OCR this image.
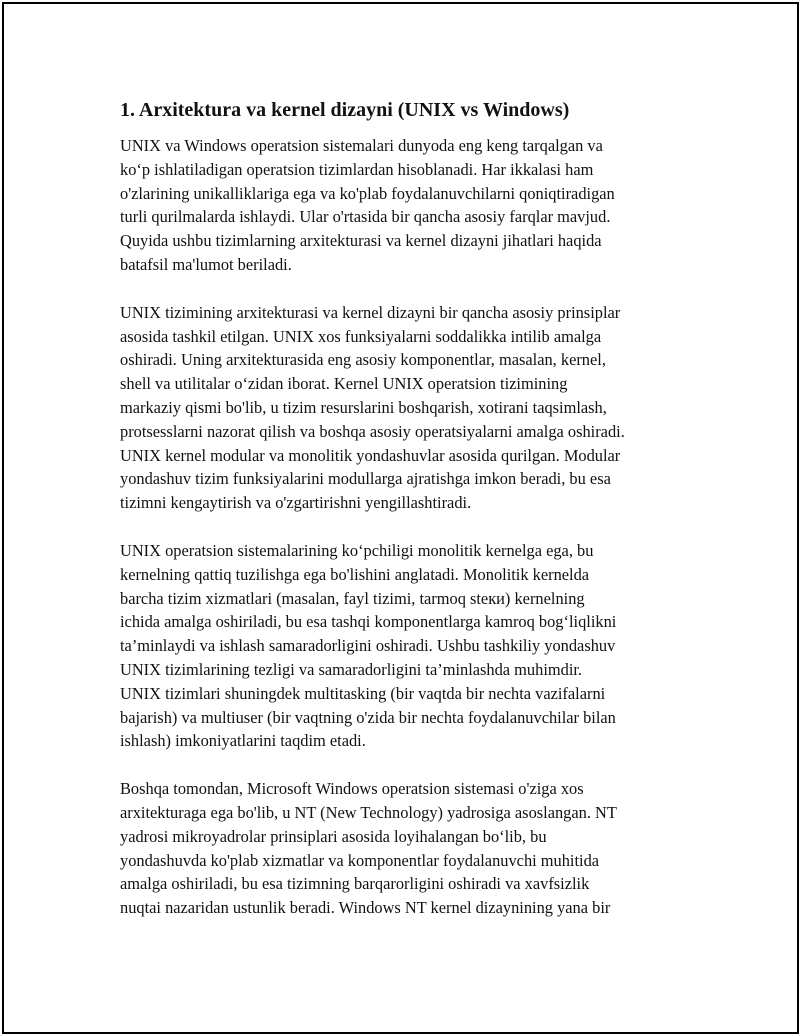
1. Arxitektura va kernel dizayni (UNIX vs Windows)

UNIX va Windows operatsion sistemalari dunyoda eng keng tarqalgan va
ko‘p ishlatiladigan operatsion tizimlardan hisoblanadi. Har ikkalasi ham
o'zlarining unikalliklariga ega va ko'plab foydalanuvchilarni qoniqtiradigan
turli qurilmalarda ishlaydi. Ular o'rtasida bir qancha asosiy farqlar mavjud.
Quyida ushbu tizimlarning arxitekturasi va kernel dizayni jihatlari haqida
batafsil ma'lumot beriladi.

UNIX tizimining arxitekturasi va kernel dizayni bir qancha asosiy prinsiplar
asosida tashkil etilgan. UNIX xos funksiyalarni soddalikka intilib amalga
oshiradi. Uning arxitekturasida eng asosiy komponentlar, masalan, kernel,
shell va utilitalar o‘zidan iborat. Kernel UNIX operatsion tizimining
markaziy qismi bo'lib, u tizim resurslarini boshqarish, xotirani taqsimlash,
protsesslarni nazorat qilish va boshqa asosiy operatsiyalarni amalga oshiradi.
UNIX kernel modular va monolitik yondashuvlar asosida qurilgan. Modular
yondashuv tizim funksiyalarini modullarga ajratishga imkon beradi, bu esa
tizimni kengaytirish va o'zgartirishni yengillashtiradi.

UNIX operatsion sistemalarining ko‘pchiligi monolitik kernelga ega, bu
kernelning qattiq tuzilishga ega bo'lishini anglatadi. Monolitik kernelda
barcha tizim xizmatlari (masalan, fayl tizimi, tarmoq steки) kernelning
ichida amalga oshiriladi, bu esa tashqi komponentlarga kamroq bog‘liqlikni
ta’minlaydi va ishlash samaradorligini oshiradi. Ushbu tashkiliy yondashuv
UNIX tizimlarining tezligi va samaradorligini ta’minlashda muhimdir.
UNIX tizimlari shuningdek multitasking (bir vaqtda bir nechta vazifalarni
bajarish) va multiuser (bir vaqtning o'zida bir nechta foydalanuvchilar bilan
ishlash) imkoniyatlarini taqdim etadi.

Boshqa tomondan, Microsoft Windows operatsion sistemasi o'ziga xos
arxitekturaga ega bo'lib, u NT (New Technology) yadrosiga asoslangan. NT
yadrosi mikroyadrolar prinsiplari asosida loyihalangan bo‘lib, bu
yondashuvda ko'plab xizmatlar va komponentlar foydalanuvchi muhitida
amalga oshiriladi, bu esa tizimning barqarorligini oshiradi va xavfsizlik
nuqtai nazaridan ustunlik beradi. Windows NT kernel dizaynining yana bir
